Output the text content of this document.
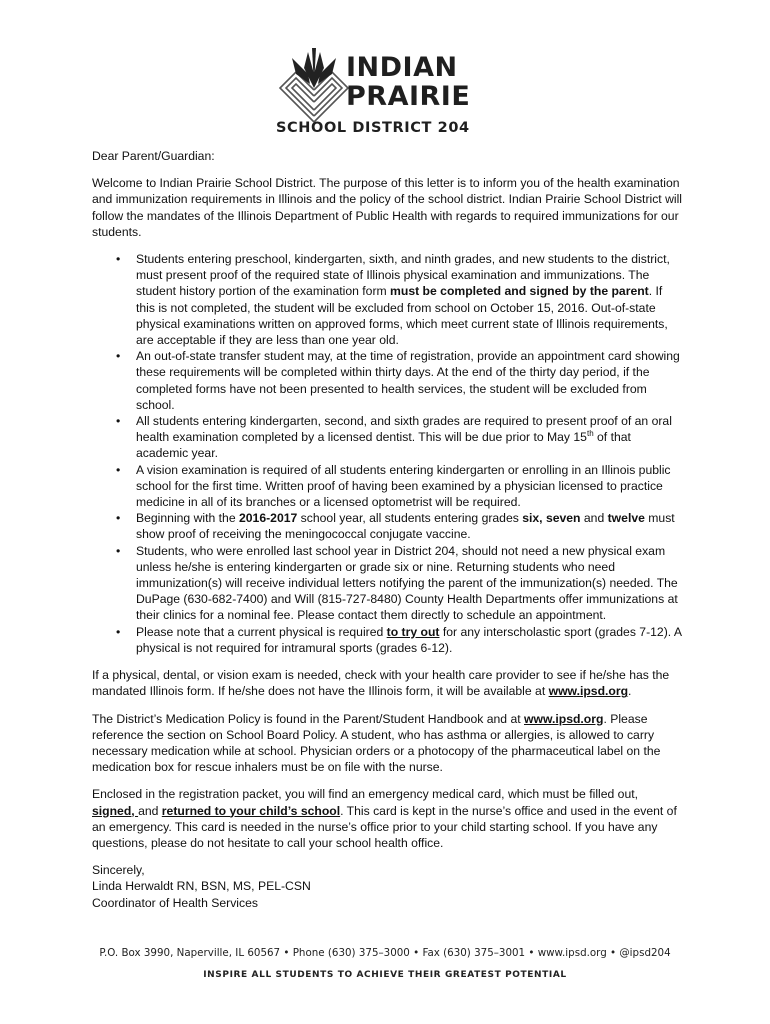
INDIAN
PRAIRIE
SCHOOL DISTRICT 204

Dear Parent/Guardian:

Welcome to Indian Prairie School District. The purpose of this letter is to inform you of the health examination and immunization requirements in Illinois and the policy of the school district. Indian Prairie School District will follow the mandates of the Illinois Department of Public Health with regards to required immunizations for our students.

• Students entering preschool, kindergarten, sixth, and ninth grades, and new students to the district, must present proof of the required state of Illinois physical examination and immunizations. The student history portion of the examination form must be completed and signed by the parent. If this is not completed, the student will be excluded from school on October 15, 2016. Out-of-state physical examinations written on approved forms, which meet current state of Illinois requirements, are acceptable if they are less than one year old.
• An out-of-state transfer student may, at the time of registration, provide an appointment card showing these requirements will be completed within thirty days. At the end of the thirty day period, if the completed forms have not been presented to health services, the student will be excluded from school.
• All students entering kindergarten, second, and sixth grades are required to present proof of an oral health examination completed by a licensed dentist. This will be due prior to May 15th of that academic year.
• A vision examination is required of all students entering kindergarten or enrolling in an Illinois public school for the first time. Written proof of having been examined by a physician licensed to practice medicine in all of its branches or a licensed optometrist will be required.
• Beginning with the 2016-2017 school year, all students entering grades six, seven and twelve must show proof of receiving the meningococcal conjugate vaccine.
• Students, who were enrolled last school year in District 204, should not need a new physical exam unless he/she is entering kindergarten or grade six or nine. Returning students who need immunization(s) will receive individual letters notifying the parent of the immunization(s) needed. The DuPage (630-682-7400) and Will (815-727-8480) County Health Departments offer immunizations at their clinics for a nominal fee. Please contact them directly to schedule an appointment.
• Please note that a current physical is required to try out for any interscholastic sport (grades 7-12). A physical is not required for intramural sports (grades 6-12).

If a physical, dental, or vision exam is needed, check with your health care provider to see if he/she has the mandated Illinois form. If he/she does not have the Illinois form, it will be available at www.ipsd.org.

The District’s Medication Policy is found in the Parent/Student Handbook and at www.ipsd.org. Please reference the section on School Board Policy. A student, who has asthma or allergies, is allowed to carry necessary medication while at school. Physician orders or a photocopy of the pharmaceutical label on the medication box for rescue inhalers must be on file with the nurse.

Enclosed in the registration packet, you will find an emergency medical card, which must be filled out, signed, and returned to your child’s school. This card is kept in the nurse’s office and used in the event of an emergency. This card is needed in the nurse’s office prior to your child starting school. If you have any questions, please do not hesitate to call your school health office.

Sincerely,

Linda Herwaldt RN, BSN, MS, PEL-CSN

Coordinator of Health Services

P.O. Box 3990, Naperville, IL 60567 • Phone (630) 375–3000 • Fax (630) 375–3001 • www.ipsd.org • @ipsd204
INSPIRE ALL STUDENTS TO ACHIEVE THEIR GREATEST POTENTIAL
